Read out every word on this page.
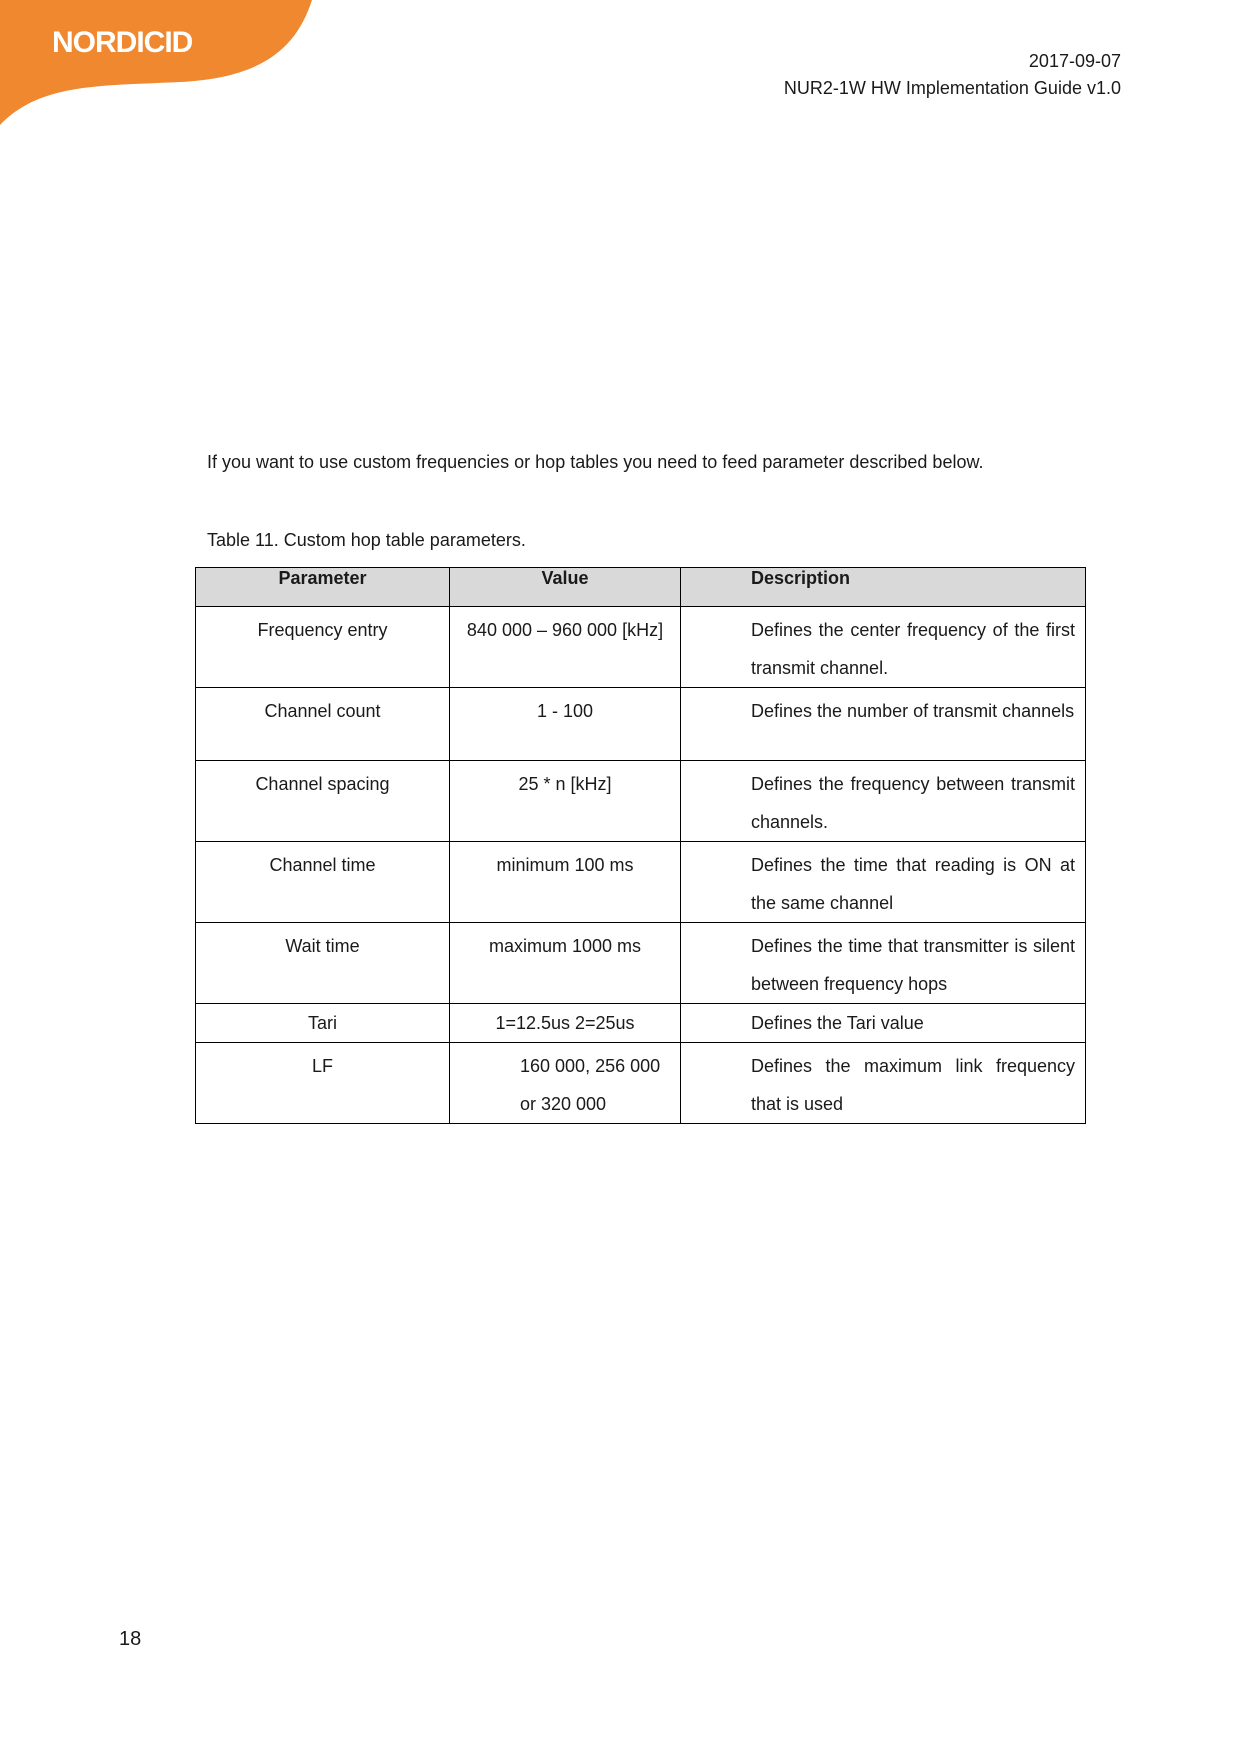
NORDICID
2017-09-07
NUR2-1W HW Implementation Guide v1.0
If you want to use custom frequencies or hop tables you need to feed parameter described below.
Table 11. Custom hop table parameters.
Parameter	Value	Description
Frequency entry	840 000 – 960 000 [kHz]	Defines the center frequency of the first transmit channel.
Channel count	1 - 100	Defines the number of transmit channels
Channel spacing	25 * n [kHz]	Defines the frequency between transmit channels.
Channel time	minimum 100 ms	Defines the time that reading is ON at the same channel
Wait time	maximum 1000 ms	Defines the time that transmitter is silent between frequency hops
Tari	1=12.5us 2=25us	Defines the Tari value
LF	160 000, 256 000 or 320 000	Defines the maximum link frequency that is used
18
